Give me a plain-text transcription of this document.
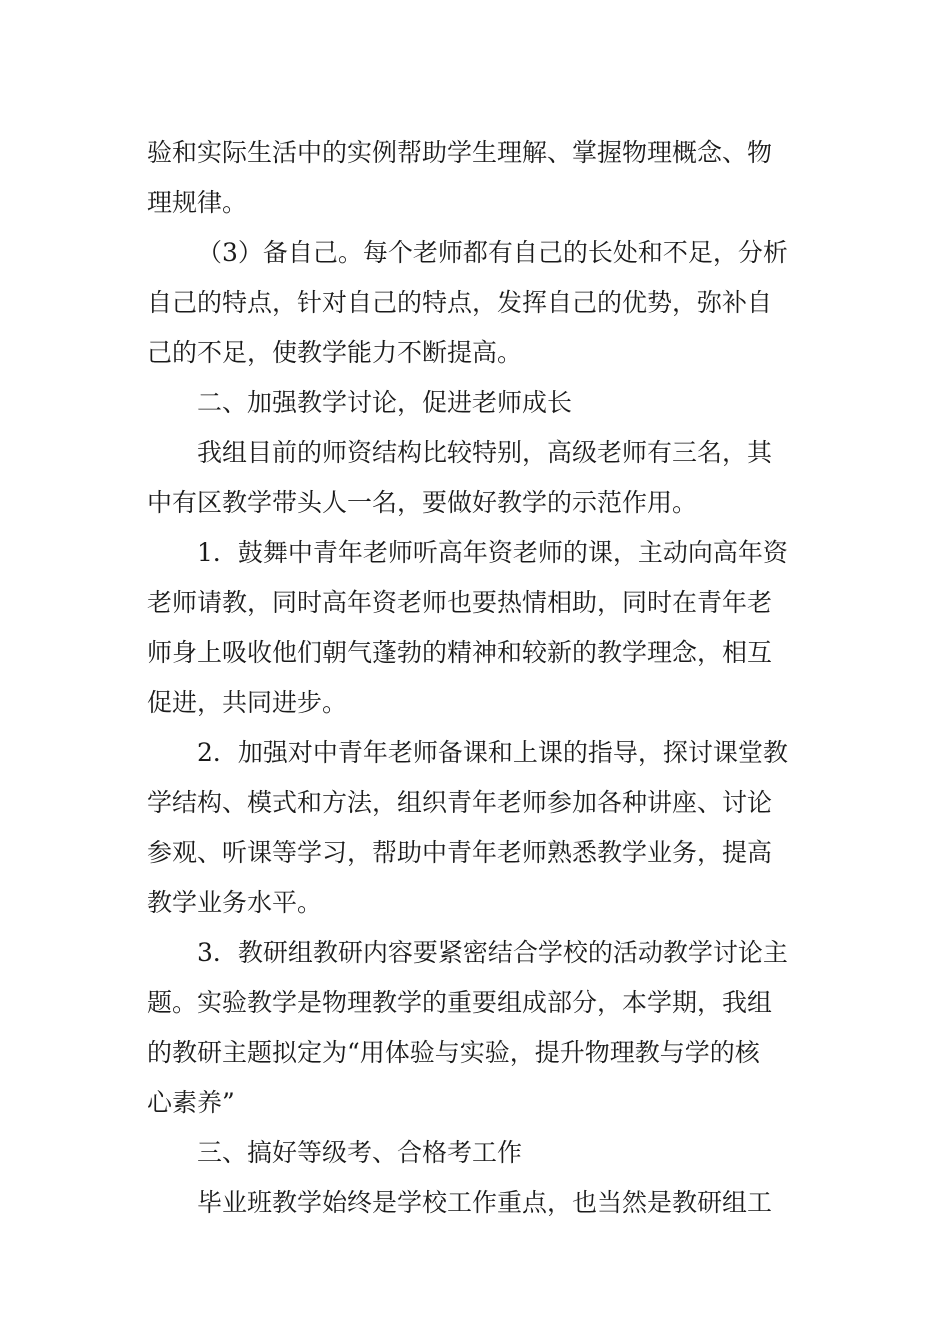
验和实际生活中的实例帮助学生理解、掌握物理概念、物
理规律。

（3）备自己。每个老师都有自己的长处和不足，分析
自己的特点，针对自己的特点，发挥自己的优势，弥补自
己的不足，使教学能力不断提高。

二、加强教学讨论，促进老师成长

我组目前的师资结构比较特别，高级老师有三名，其
中有区教学带头人一名，要做好教学的示范作用。

1．鼓舞中青年老师听高年资老师的课，主动向高年资
老师请教，同时高年资老师也要热情相助，同时在青年老
师身上吸收他们朝气蓬勃的精神和较新的教学理念，相互
促进，共同进步。

2．加强对中青年老师备课和上课的指导，探讨课堂教
学结构、模式和方法，组织青年老师参加各种讲座、讨论
参观、听课等学习，帮助中青年老师熟悉教学业务，提高
教学业务水平。

3．教研组教研内容要紧密结合学校的活动教学讨论主
题。实验教学是物理教学的重要组成部分，本学期，我组
的教研主题拟定为“用体验与实验，提升物理教与学的核
心素养”

三、搞好等级考、合格考工作

毕业班教学始终是学校工作重点，也当然是教研组工
